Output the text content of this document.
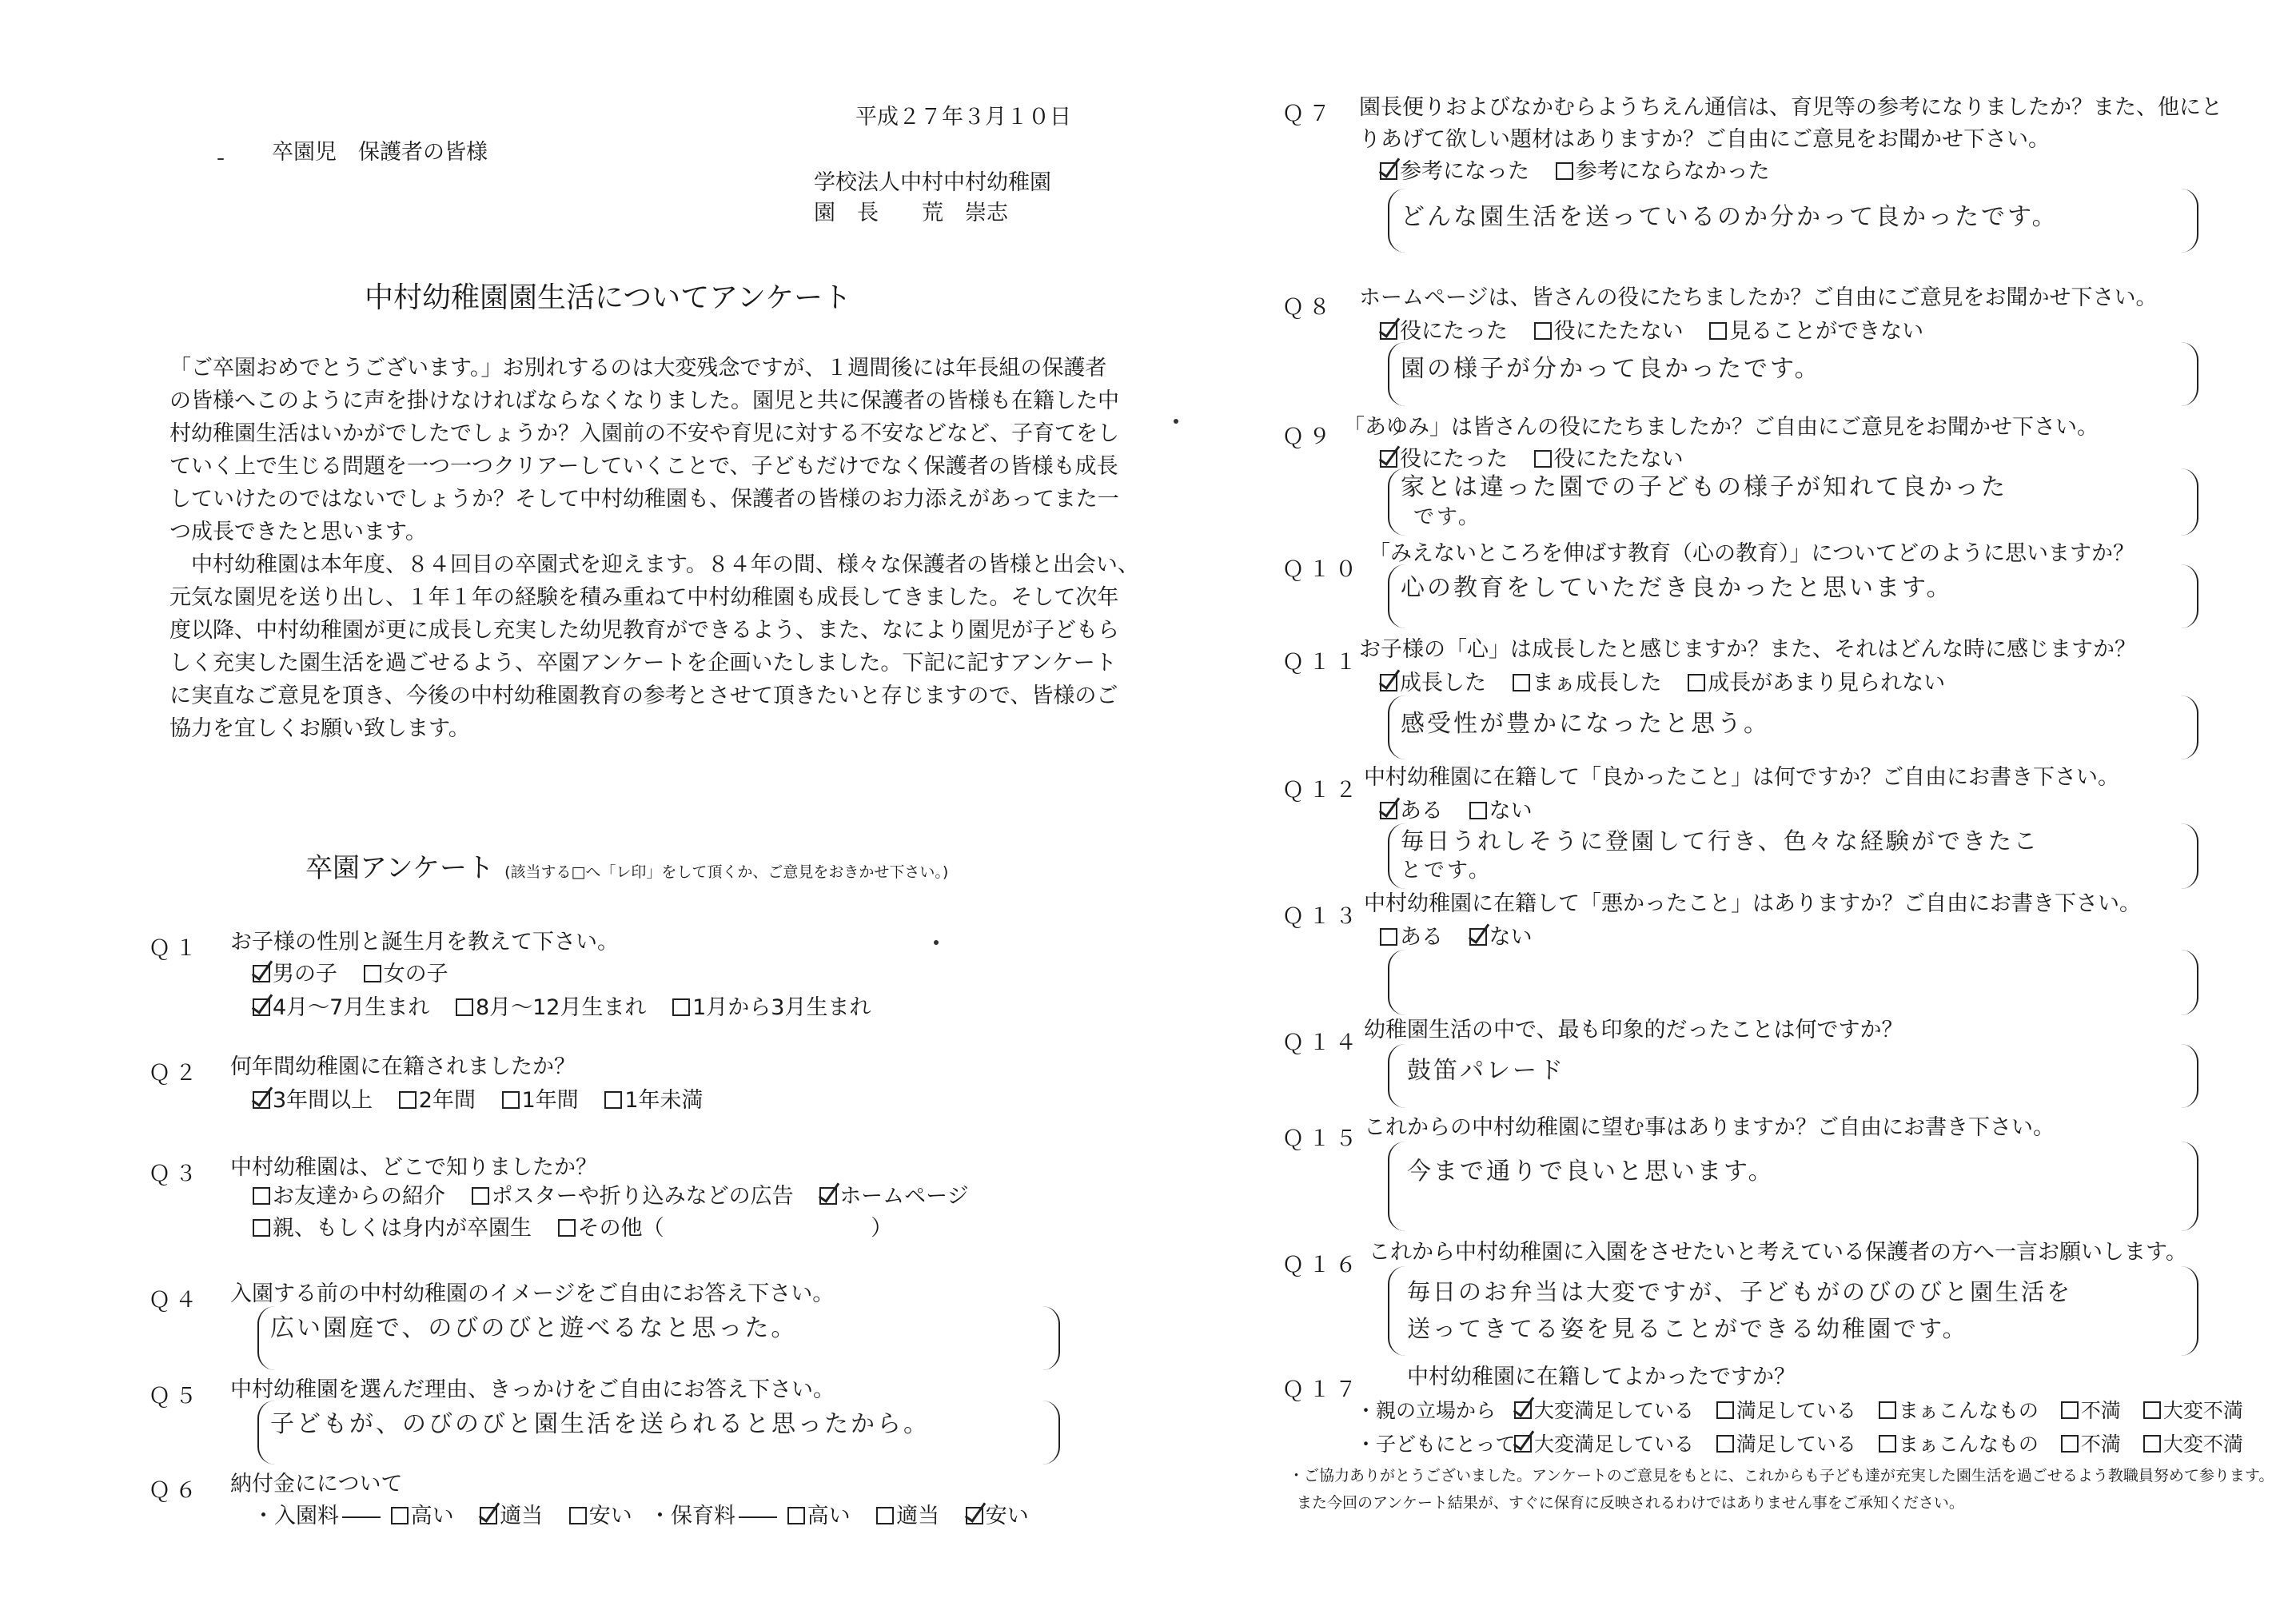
平成２７年３月１０日
卒園児　保護者の皆様
学校法人中村中村幼稚園
園　長　　荒　崇志
中村幼稚園園生活についてアンケート
「ご卒園おめでとうございます。」お別れするのは大変残念ですが、１週間後には年長組の保護者
の皆様へこのように声を掛けなければならなくなりました。園児と共に保護者の皆様も在籍した中
村幼稚園生活はいかがでしたでしょうか？入園前の不安や育児に対する不安などなど、子育てをし
ていく上で生じる問題を一つ一つクリアーしていくことで、子どもだけでなく保護者の皆様も成長
していけたのではないでしょうか？そして中村幼稚園も、保護者の皆様のお力添えがあってまた一
つ成長できたと思います。
　中村幼稚園は本年度、８４回目の卒園式を迎えます。８４年の間、様々な保護者の皆様と出会い、
元気な園児を送り出し、１年１年の経験を積み重ねて中村幼稚園も成長してきました。そして次年
度以降、中村幼稚園が更に成長し充実した幼児教育ができるよう、また、なにより園児が子どもら
しく充実した園生活を過ごせるよう、卒園アンケートを企画いたしました。下記に記すアンケート
に実直なご意見を頂き、今後の中村幼稚園教育の参考とさせて頂きたいと存じますので、皆様のご
協力を宜しくお願い致します。
卒園アンケート (該当する□へ「レ印」をして頂くか、ご意見をおきかせ下さい。)
Ｑ１ お子様の性別と誕生月を教えて下さい。
男の子 女の子
4月～7月生まれ 8月～12月生まれ 1月から3月生まれ
Ｑ２ 何年間幼稚園に在籍されましたか？
3年間以上 2年間 1年間 1年未満
Ｑ３ 中村幼稚園は、どこで知りましたか？
お友達からの紹介 ポスターや折り込みなどの広告 ホームページ
親、もしくは身内が卒園生 その他（	）
Ｑ４ 入園する前の中村幼稚園のイメージをご自由にお答え下さい。
広い園庭で、のびのびと遊べるなと思った。
Ｑ５ 中村幼稚園を選んだ理由、きっかけをご自由にお答え下さい。
子どもが、のびのびと園生活を送られると思ったから。
Ｑ６ 納付金にについて
・入園料	高い 適当 安い ・保育料	高い 適当 安い
Ｑ７ 園長便りおよびなかむらようちえん通信は、育児等の参考になりましたか？また、他にと
りあげて欲しい題材はありますか？ご自由にご意見をお聞かせ下さい。
参考になった 参考にならなかった
どんな園生活を送っているのか分かって良かったです。
Ｑ８ ホームページは、皆さんの役にたちましたか？ご自由にご意見をお聞かせ下さい。
役にたった 役にたたない 見ることができない
園の様子が分かって良かったです。
Ｑ９ 「あゆみ」は皆さんの役にたちましたか？ご自由にご意見をお聞かせ下さい。
役にたった 役にたたない
家とは違った園での子どもの様子が知れて良かった
です。
Ｑ１０
「みえないところを伸ばす教育（心の教育）」についてどのように思いますか？
心の教育をしていただき良かったと思います。
Ｑ１１
お子様の「心」は成長したと感じますか？また、それはどんな時に感じますか？
成長した まぁ成長した 成長があまり見られない
感受性が豊かになったと思う。
Ｑ１２
中村幼稚園に在籍して「良かったこと」は何ですか？ご自由にお書き下さい。
ある ない
毎日うれしそうに登園して行き、色々な経験ができたこ
とです。
Ｑ１３
中村幼稚園に在籍して「悪かったこと」はありますか？ご自由にお書き下さい。
ある ない
Ｑ１４
幼稚園生活の中で、最も印象的だったことは何ですか？
鼓笛パレード
Ｑ１５ これからの中村幼稚園に望む事はありますか？ご自由にお書き下さい。
今まで通りで良いと思います。
Ｑ１６
これから中村幼稚園に入園をさせたいと考えている保護者の方へ一言お願いします。
毎日のお弁当は大変ですが、子どもがのびのびと園生活を
送ってきてる姿を見ることができる幼稚園です。
Ｑ１７
中村幼稚園に在籍してよかったですか？
・親の立場から 大変満足している 満足している まぁこんなもの 不満 大変不満
・子どもにとって 大変満足している 満足している まぁこんなもの 不満 大変不満
・ご協力ありがとうございました。アンケートのご意見をもとに、これからも子ども達が充実した園生活を過ごせるよう教職員努めて参ります。
また今回のアンケート結果が、すぐに保育に反映されるわけではありません事をご承知ください。
